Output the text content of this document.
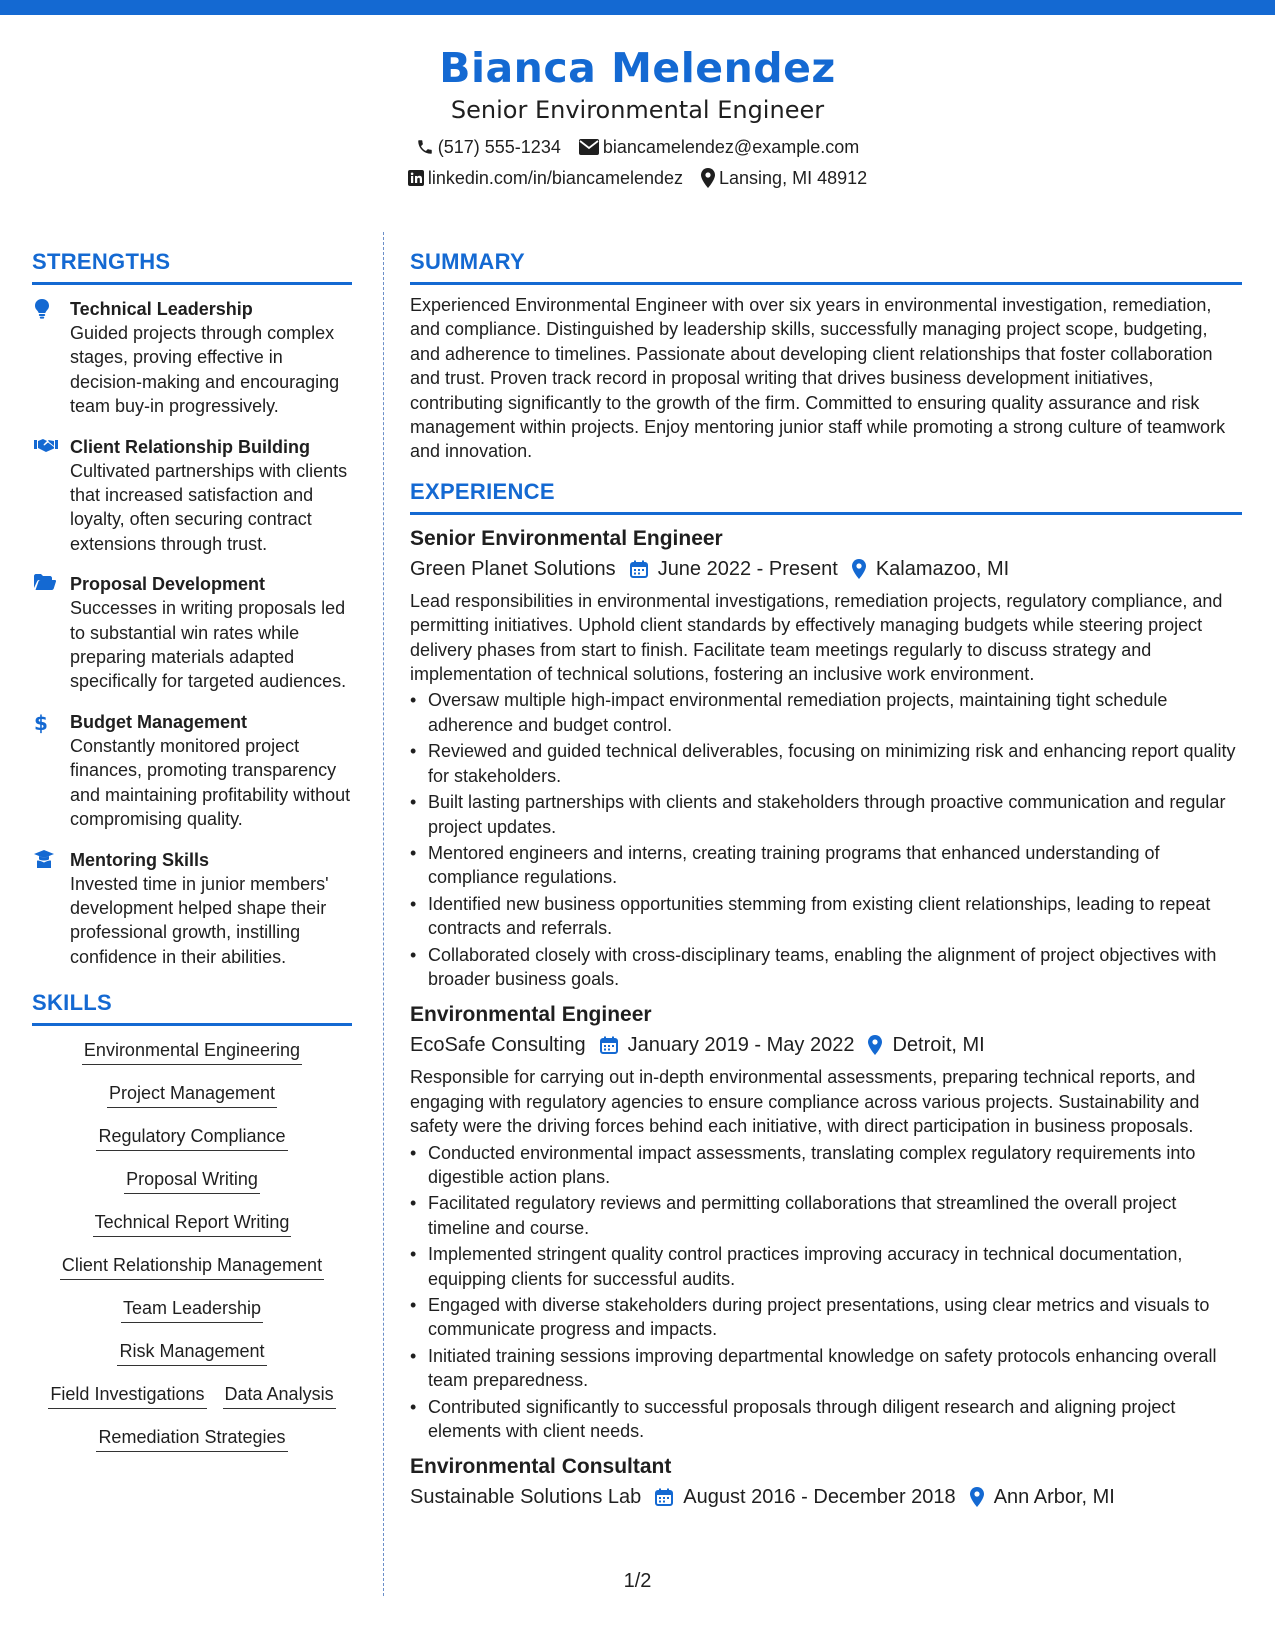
Bianca Melendez
Senior Environmental Engineer
(517) 555-1234 biancamelendez@example.com
linkedin.com/in/biancamelendez Lansing, MI 48912
STRENGTHS
Technical Leadership
Guided projects through complex stages, proving effective in decision-making and encouraging team buy-in progressively.
Client Relationship Building
Cultivated partnerships with clients that increased satisfaction and loyalty, often securing contract extensions through trust.
Proposal Development
Successes in writing proposals led to substantial win rates while preparing materials adapted specifically for targeted audiences.
$ Budget Management
Constantly monitored project finances, promoting transparency and maintaining profitability without compromising quality.
Mentoring Skills
Invested time in junior members' development helped shape their professional growth, instilling confidence in their abilities.
SKILLS
Environmental Engineering
Project Management
Regulatory Compliance
Proposal Writing
Technical Report Writing
Client Relationship Management
Team Leadership
Risk Management
Field Investigations Data Analysis
Remediation Strategies
SUMMARY
Experienced Environmental Engineer with over six years in environmental investigation, remediation, and compliance. Distinguished by leadership skills, successfully managing project scope, budgeting, and adherence to timelines. Passionate about developing client relationships that foster collaboration and trust. Proven track record in proposal writing that drives business development initiatives, contributing significantly to the growth of the firm. Committed to ensuring quality assurance and risk management within projects. Enjoy mentoring junior staff while promoting a strong culture of teamwork and innovation.
EXPERIENCE
Senior Environmental Engineer
Green Planet Solutions June 2022 - Present Kalamazoo, MI
Lead responsibilities in environmental investigations, remediation projects, regulatory compliance, and permitting initiatives. Uphold client standards by effectively managing budgets while steering project delivery phases from start to finish. Facilitate team meetings regularly to discuss strategy and implementation of technical solutions, fostering an inclusive work environment.
• Oversaw multiple high-impact environmental remediation projects, maintaining tight schedule adherence and budget control.
• Reviewed and guided technical deliverables, focusing on minimizing risk and enhancing report quality for stakeholders.
• Built lasting partnerships with clients and stakeholders through proactive communication and regular project updates.
• Mentored engineers and interns, creating training programs that enhanced understanding of compliance regulations.
• Identified new business opportunities stemming from existing client relationships, leading to repeat contracts and referrals.
• Collaborated closely with cross-disciplinary teams, enabling the alignment of project objectives with broader business goals.
Environmental Engineer
EcoSafe Consulting January 2019 - May 2022 Detroit, MI
Responsible for carrying out in-depth environmental assessments, preparing technical reports, and engaging with regulatory agencies to ensure compliance across various projects. Sustainability and safety were the driving forces behind each initiative, with direct participation in business proposals.
• Conducted environmental impact assessments, translating complex regulatory requirements into digestible action plans.
• Facilitated regulatory reviews and permitting collaborations that streamlined the overall project timeline and course.
• Implemented stringent quality control practices improving accuracy in technical documentation, equipping clients for successful audits.
• Engaged with diverse stakeholders during project presentations, using clear metrics and visuals to communicate progress and impacts.
• Initiated training sessions improving departmental knowledge on safety protocols enhancing overall team preparedness.
• Contributed significantly to successful proposals through diligent research and aligning project elements with client needs.
Environmental Consultant
Sustainable Solutions Lab August 2016 - December 2018 Ann Arbor, MI
1/2
